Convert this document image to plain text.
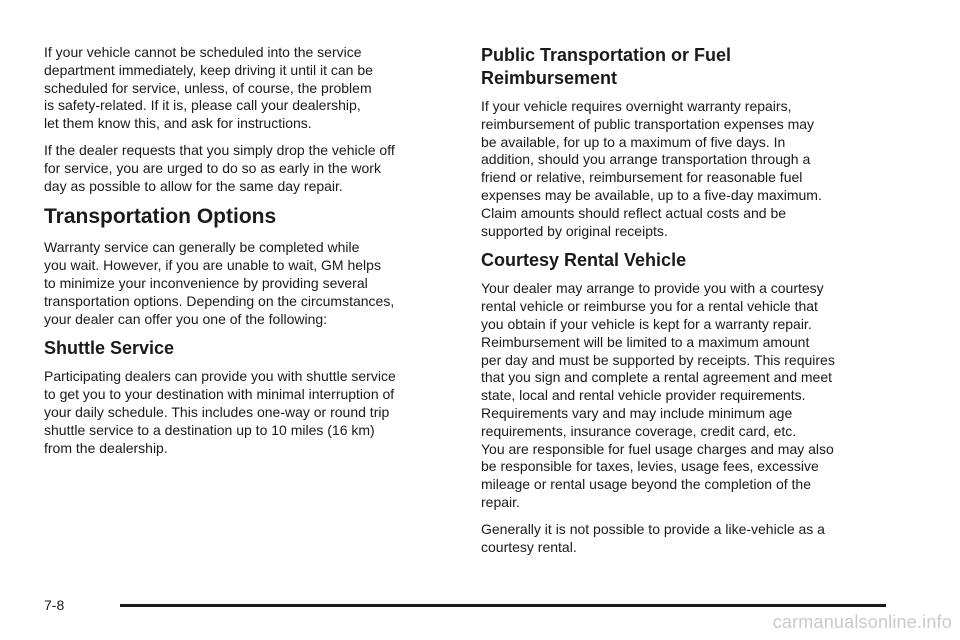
If your vehicle cannot be scheduled into the service
department immediately, keep driving it until it can be
scheduled for service, unless, of course, the problem
is safety-related. If it is, please call your dealership,
let them know this, and ask for instructions.

If the dealer requests that you simply drop the vehicle off
for service, you are urged to do so as early in the work
day as possible to allow for the same day repair.

Transportation Options

Warranty service can generally be completed while
you wait. However, if you are unable to wait, GM helps
to minimize your inconvenience by providing several
transportation options. Depending on the circumstances,
your dealer can offer you one of the following:

Shuttle Service

Participating dealers can provide you with shuttle service
to get you to your destination with minimal interruption of
your daily schedule. This includes one-way or round trip
shuttle service to a destination up to 10 miles (16 km)
from the dealership.

Public Transportation or Fuel
Reimbursement

If your vehicle requires overnight warranty repairs,
reimbursement of public transportation expenses may
be available, for up to a maximum of five days. In
addition, should you arrange transportation through a
friend or relative, reimbursement for reasonable fuel
expenses may be available, up to a five-day maximum.
Claim amounts should reflect actual costs and be
supported by original receipts.

Courtesy Rental Vehicle

Your dealer may arrange to provide you with a courtesy
rental vehicle or reimburse you for a rental vehicle that
you obtain if your vehicle is kept for a warranty repair.
Reimbursement will be limited to a maximum amount
per day and must be supported by receipts. This requires
that you sign and complete a rental agreement and meet
state, local and rental vehicle provider requirements.
Requirements vary and may include minimum age
requirements, insurance coverage, credit card, etc.
You are responsible for fuel usage charges and may also
be responsible for taxes, levies, usage fees, excessive
mileage or rental usage beyond the completion of the
repair.

Generally it is not possible to provide a like-vehicle as a
courtesy rental.

7-8
carmanualsonline.info
